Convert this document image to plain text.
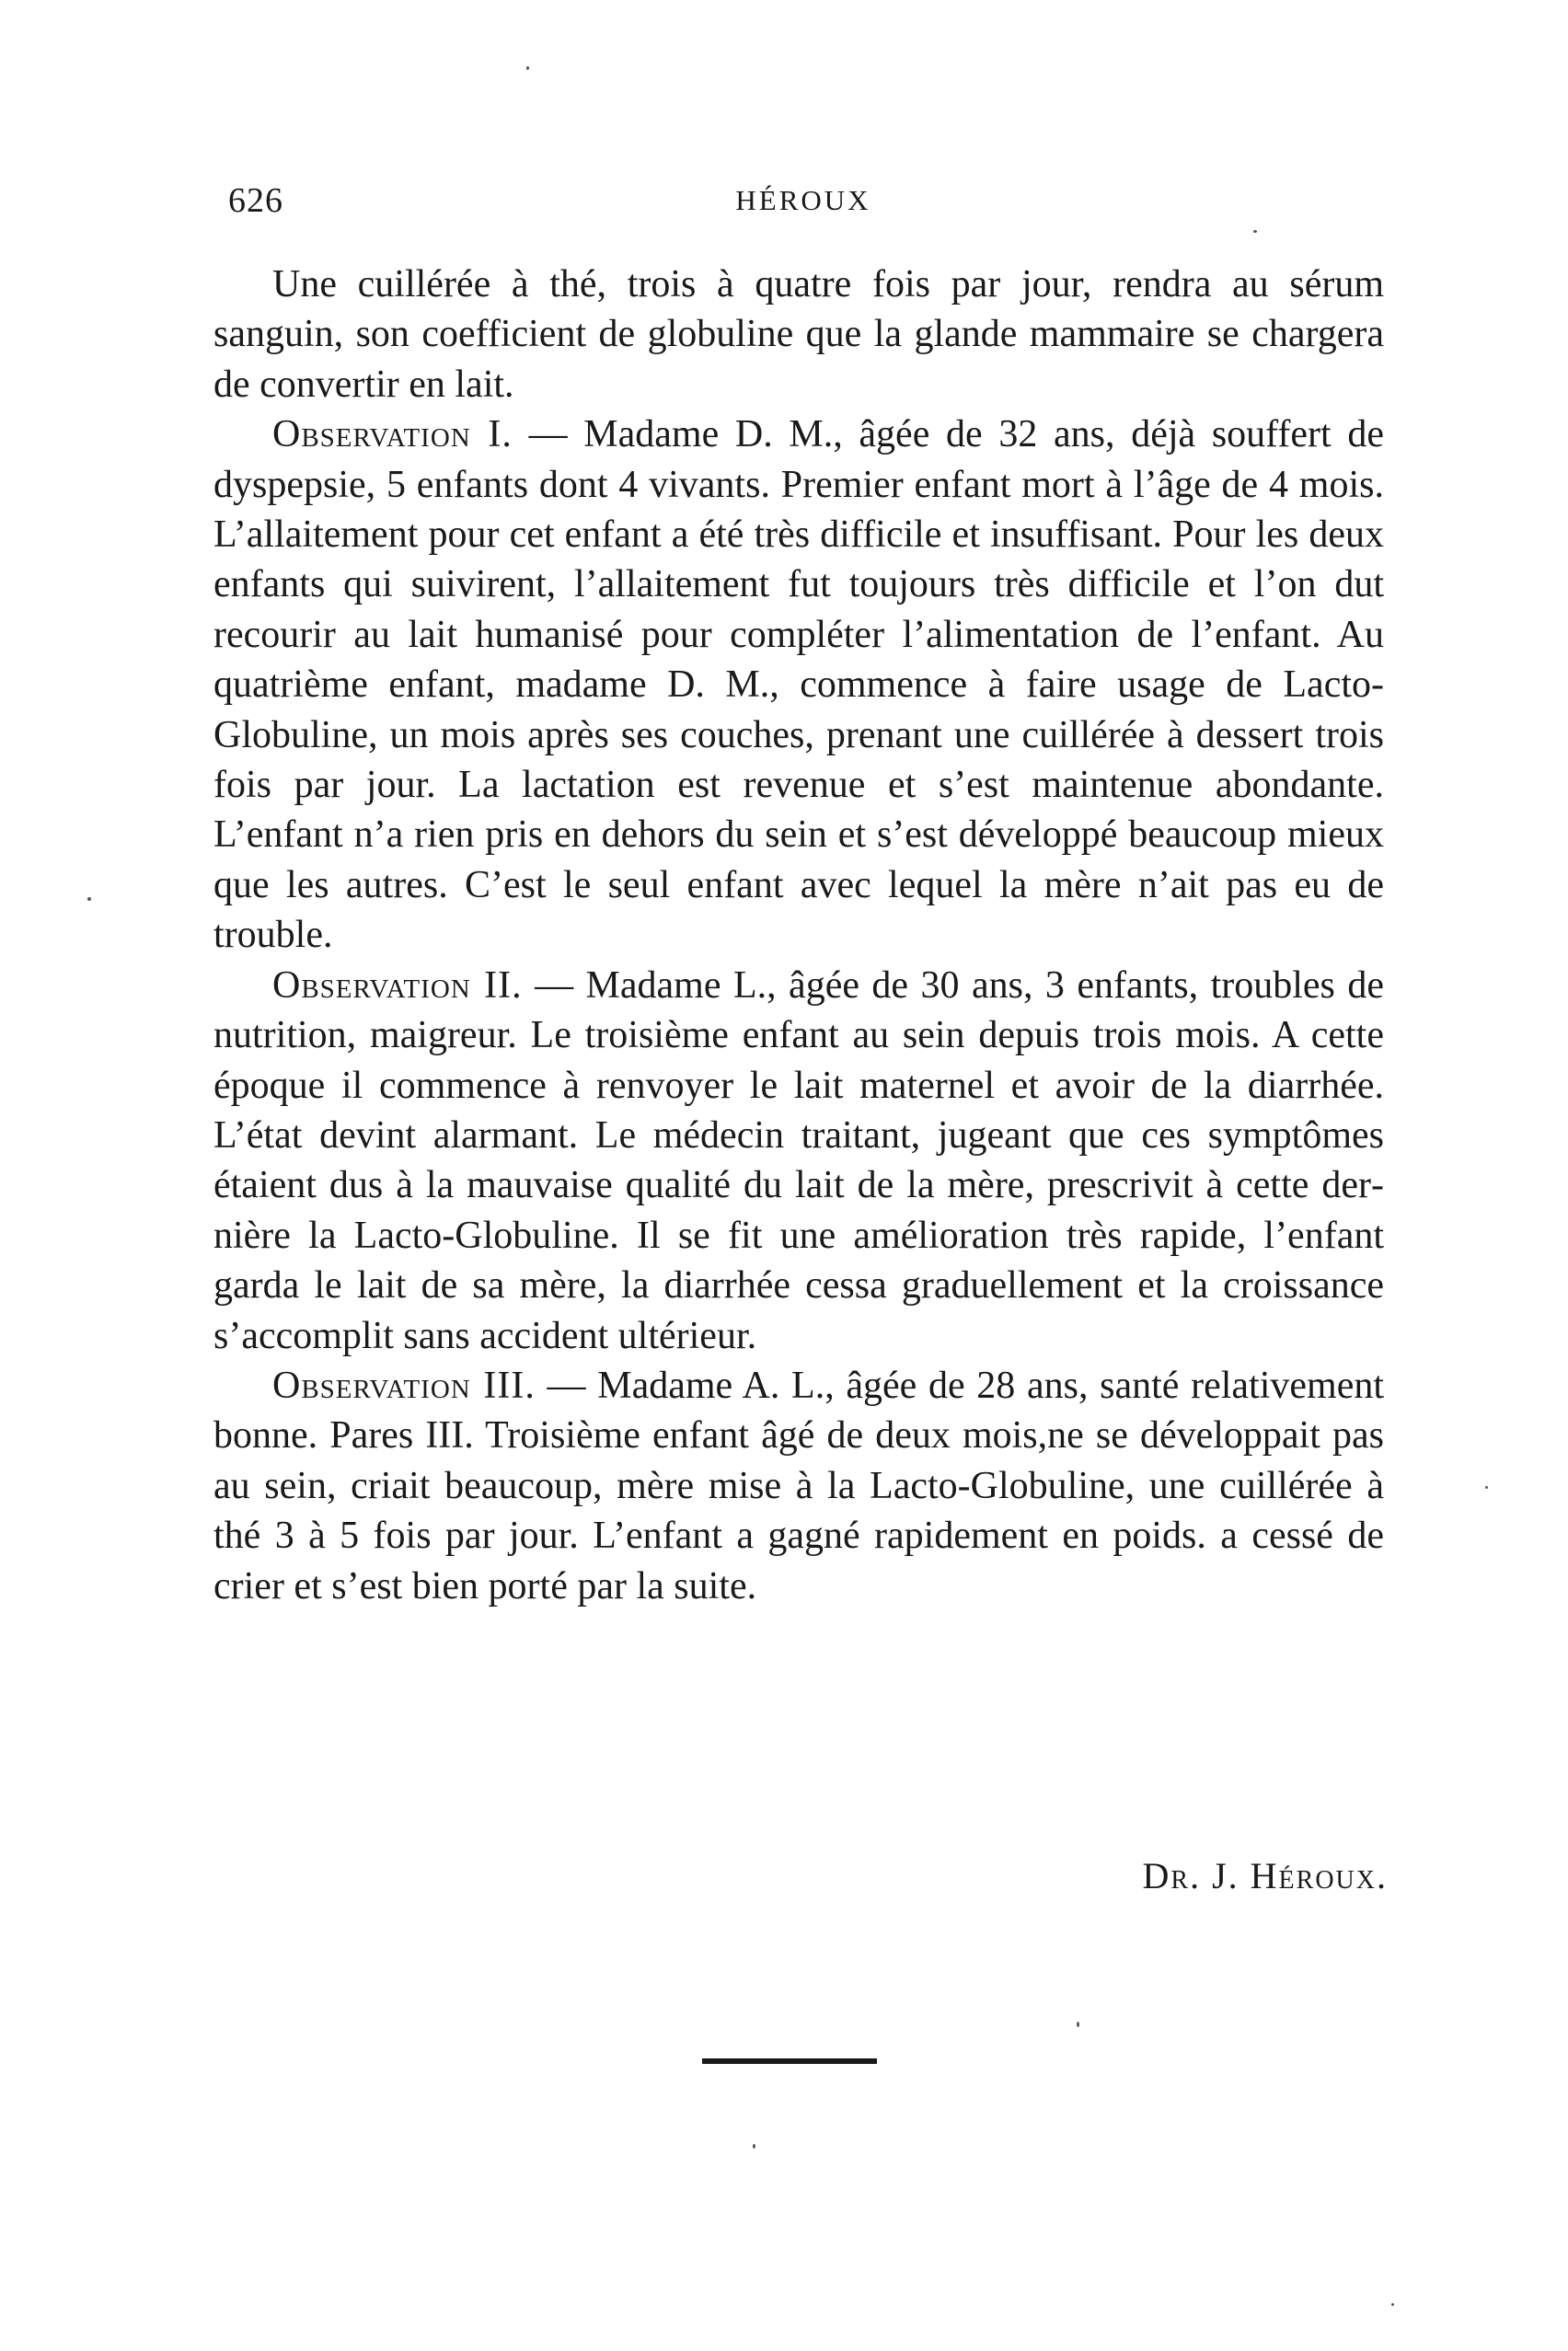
626	HÉROUX

Une cuillérée à thé, trois à quatre fois par jour, rendra au sérum sanguin, son coefficient de globuline que la glande mammaire se chargera de convertir en lait.

Observation I. — Madame D. M., âgée de 32 ans, déjà souffert de dyspepsie, 5 enfants dont 4 vivants. Premier enfant mort à l’âge de 4 mois. L’allaitement pour cet enfant a été très difficile et insuffisant. Pour les deux enfants qui suivirent, l’allaitement fut toujours très difficile et l’on dut recourir au lait humanisé pour compléter l’alimentation de l’enfant. Au quatrième enfant, madame D. M., commence à faire usage de Lacto-Globuline, un mois après ses couches, prenant une cuillérée à dessert trois fois par jour. La lactation est revenue et s’est maintenue abondante. L’enfant n’a rien pris en dehors du sein et s’est développé beaucoup mieux que les autres. C’est le seul enfant avec lequel la mère n’ait pas eu de trouble.

Observation II. — Madame L., âgée de 30 ans, 3 enfants, troubles de nutrition, maigreur. Le troisième enfant au sein depuis trois mois. A cette époque il commence à renvoyer le lait maternel et avoir de la diarrhée. L’état devint alarmant. Le médecin traitant, jugeant que ces symptômes étaient dus à la mauvaise qualité du lait de la mère, prescrivit à cette dernière la Lacto-Globuline. Il se fit une amélioration très rapide, l’enfant garda le lait de sa mère, la diarrhée cessa graduellement et la croissance s’accomplit sans accident ultérieur.

Observation III. — Madame A. L., âgée de 28 ans, santé relativement bonne. Pares III. Troisième enfant âgé de deux mois,ne se développait pas au sein, criait beaucoup, mère mise à la Lacto-Globuline, une cuillérée à thé 3 à 5 fois par jour. L’enfant a gagné rapidement en poids. a cessé de crier et s’est bien porté par la suite.

Dr. J. Héroux.
